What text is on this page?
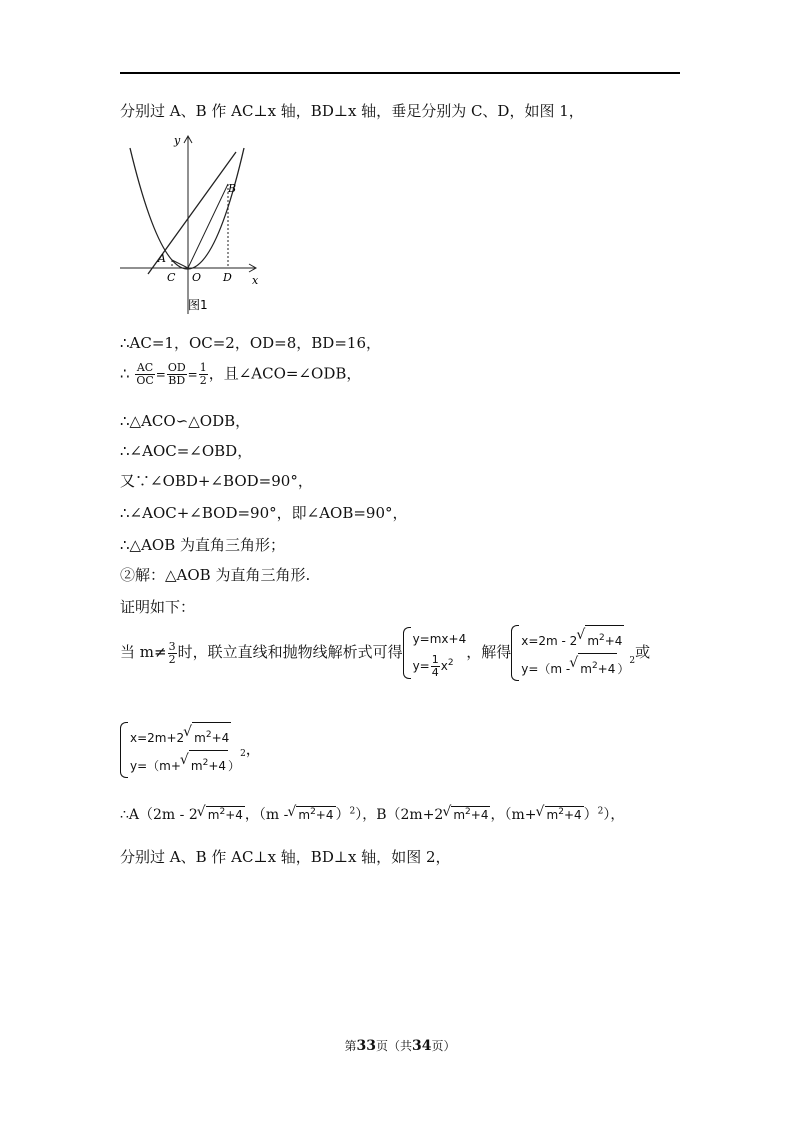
分别过 A、B 作 AC⊥x 轴，BD⊥x 轴，垂足分别为 C、D，如图 1，
y
x
A
B
C O D
图1
∴AC=1，OC=2，OD=8，BD=16，
∴ $\frac{AC}{OC} = \frac{OD}{BD} = \frac{1}{2}$ ，且∠ACO=∠ODB，
∴△ACO∽△ODB，
∴∠AOC=∠OBD，
又∵∠OBD+∠BOD=90°，
∴∠AOC+∠BOD=90°，即∠AOB=90°，
∴△AOB 为直角三角形；
②解：△AOB 为直角三角形.
证明如下：
当 $m\ne \frac{3}{2}$ 时，联立直线和抛物线解析式可得
y=mx+4
$y= \frac{1}{4} x^2$
，解得
x=2m - 2 √ $m^2+4$
y=（m - √ $m^2+4$ ）
$^2$或
x=2m+2 √ $m^2+4$
y=（m+ √ $m^2+4$ ）
$^2$，
∴A（2m - 2 √ $m^2+4$ ，（m - √ $m^2+4$ ）$^2$），B（2m+2 √ $m^2+4$ ，（m+ √ $m^2+4$ ）$^2$），
分别过 A、B 作 AC⊥x 轴，BD⊥x 轴，如图 2，
第33页（共34页）
